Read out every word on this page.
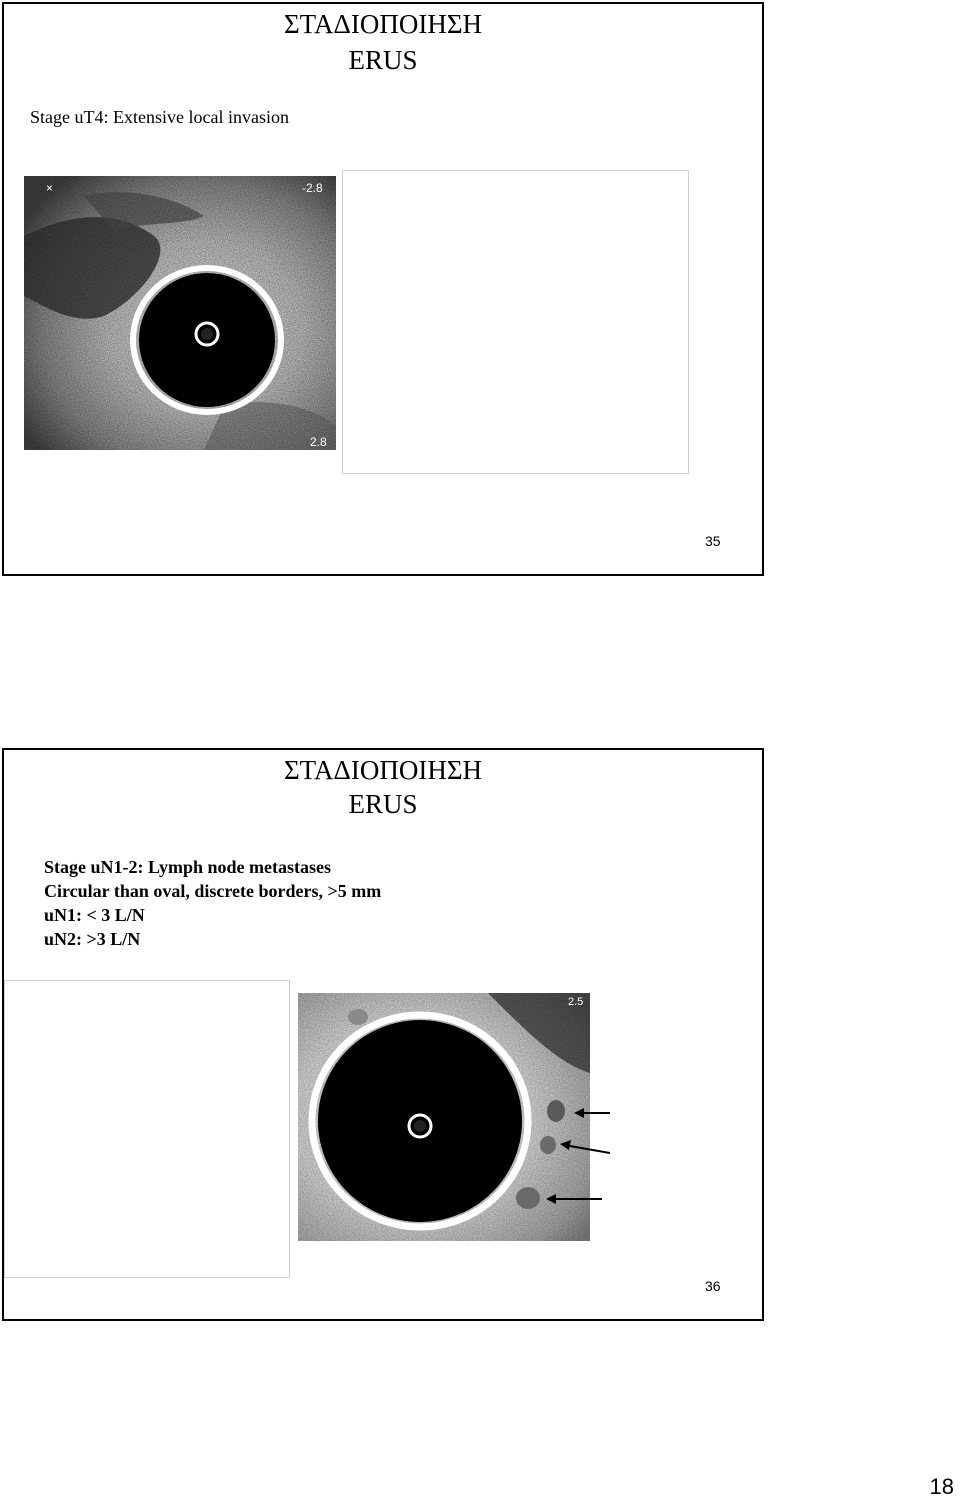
ΣΤΑΔΙΟΠΟΙΗΣΗ
ERUS
Stage uT4: Extensive local invasion
-2.8
2.8
×
35
ΣΤΑΔΙΟΠΟΙΗΣΗ
ERUS
Stage uN1-2: Lymph node metastases
Circular than oval, discrete borders, >5 mm
uN1: < 3 L/N
uN2: >3 L/N
2.5
36
18
